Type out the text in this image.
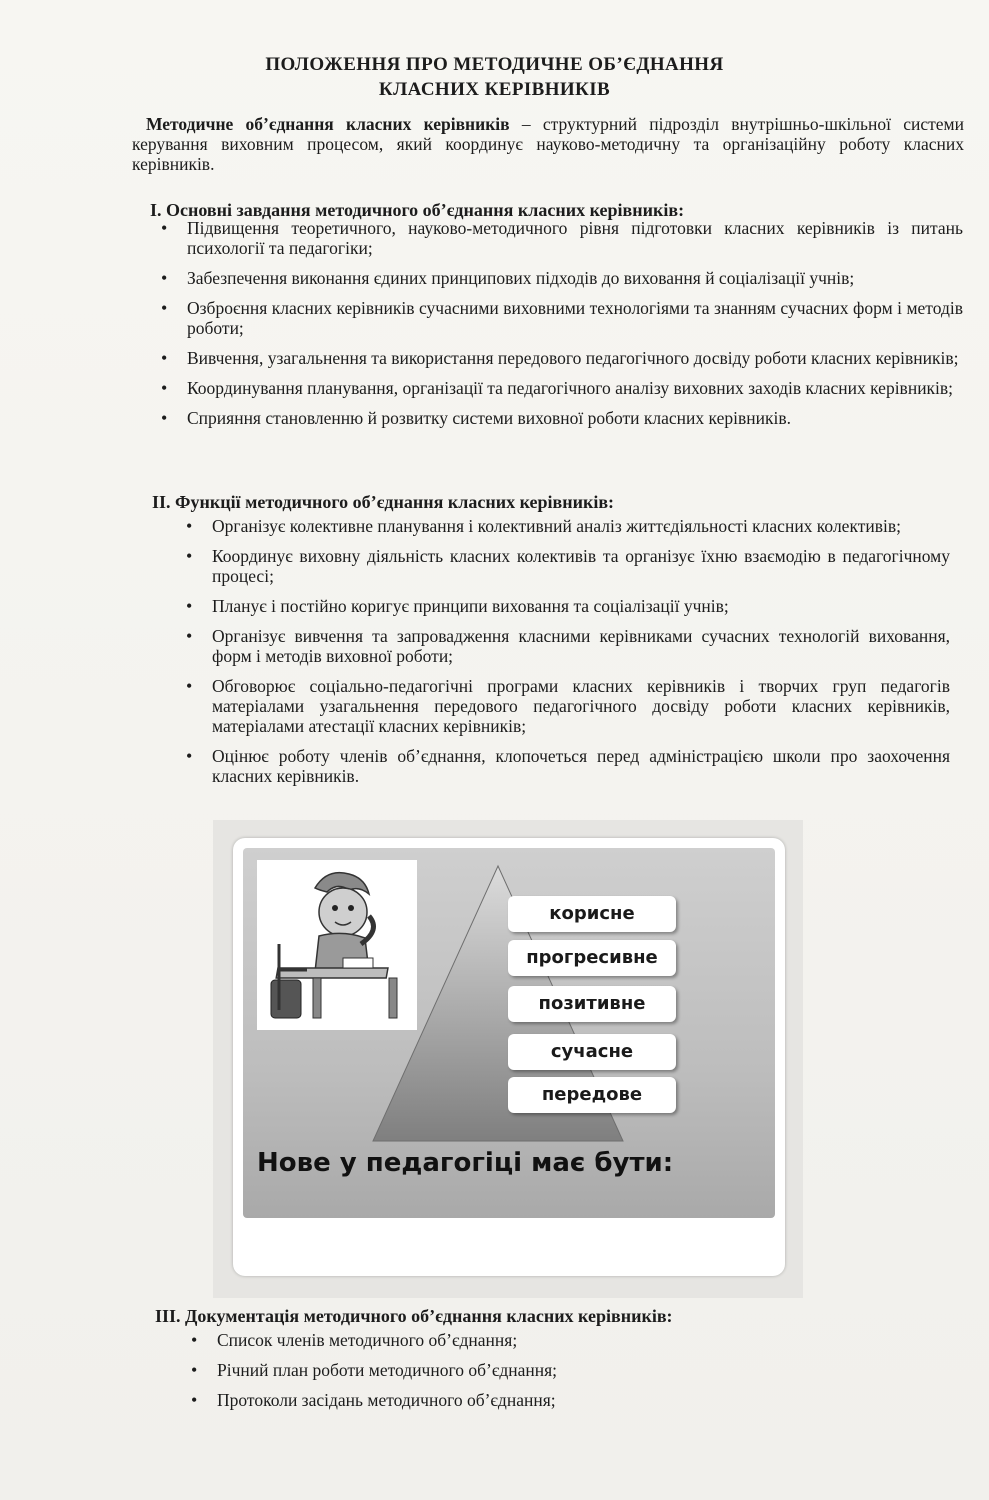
ПОЛОЖЕННЯ ПРО МЕТОДИЧНЕ ОБ’ЄДНАННЯ
КЛАСНИХ КЕРІВНИКІВ
Методичне об’єднання класних керівників – структурний підрозділ внутрішньо-шкільної системи керування виховним процесом, який координує науково-методичну та організаційну роботу класних керівників.
І. Основні завдання методичного об’єднання класних керівників:
• Підвищення теоретичного, науково-методичного рівня підготовки класних керівників із питань психології та педагогіки;
• Забезпечення виконання єдиних принципових підходів до виховання й соціалізації учнів;
• Озброєння класних керівників сучасними виховними технологіями та знанням сучасних форм і методів роботи;
• Вивчення, узагальнення та використання передового педагогічного досвіду роботи класних керівників;
• Координування планування, організації та педагогічного аналізу виховних заходів класних керівників;
• Сприяння становленню й розвитку системи виховної роботи класних керівників.
ІІ. Функції методичного об’єднання класних керівників:
• Організує колективне планування і колективний аналіз життєдіяльності класних колективів;
• Координує виховну діяльність класних колективів та організує їхню взаємодію в педагогічному процесі;
• Планує і постійно коригує принципи виховання та соціалізації учнів;
• Організує вивчення та запровадження класними керівниками сучасних технологій виховання, форм і методів виховної роботи;
• Обговорює соціально-педагогічні програми класних керівників і творчих груп педагогів матеріалами узагальнення передового педагогічного досвіду роботи класних керівників, матеріалами атестації класних керівників;
• Оцінює роботу членів об’єднання, клопочеться перед адміністрацією школи про заохочення класних керівників.
корисне
прогресивне
позитивне
сучасне
передове
Нове у педагогіці має бути:
ІІІ. Документація методичного об’єднання класних керівників:
• Список членів методичного об’єднання;
• Річний план роботи методичного об’єднання;
• Протоколи засідань методичного об’єднання;
